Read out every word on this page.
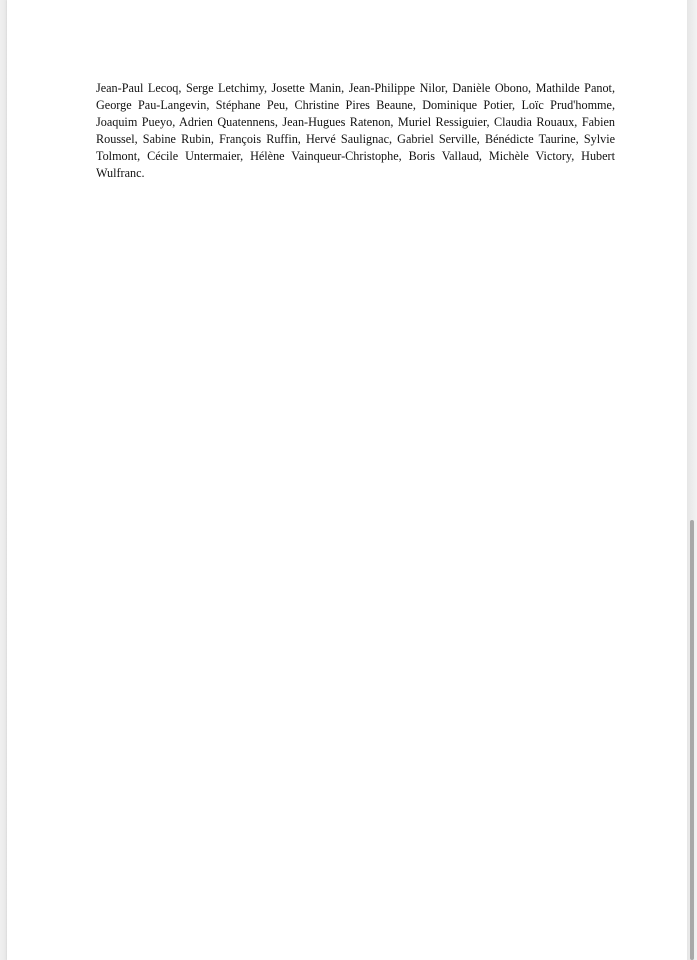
Jean-Paul Lecoq, Serge Letchimy, Josette Manin, Jean-Philippe Nilor, Danièle Obono, Mathilde Panot, George Pau-Langevin, Stéphane Peu, Christine Pires Beaune, Dominique Potier, Loïc Prud'homme, Joaquim Pueyo, Adrien Quatennens, Jean-Hugues Ratenon, Muriel Ressiguier, Claudia Rouaux, Fabien Roussel, Sabine Rubin, François Ruffin, Hervé Saulignac, Gabriel Serville, Bénédicte Taurine, Sylvie Tolmont, Cécile Untermaier, Hélène Vainqueur-Christophe, Boris Vallaud, Michèle Victory, Hubert Wulfranc.
